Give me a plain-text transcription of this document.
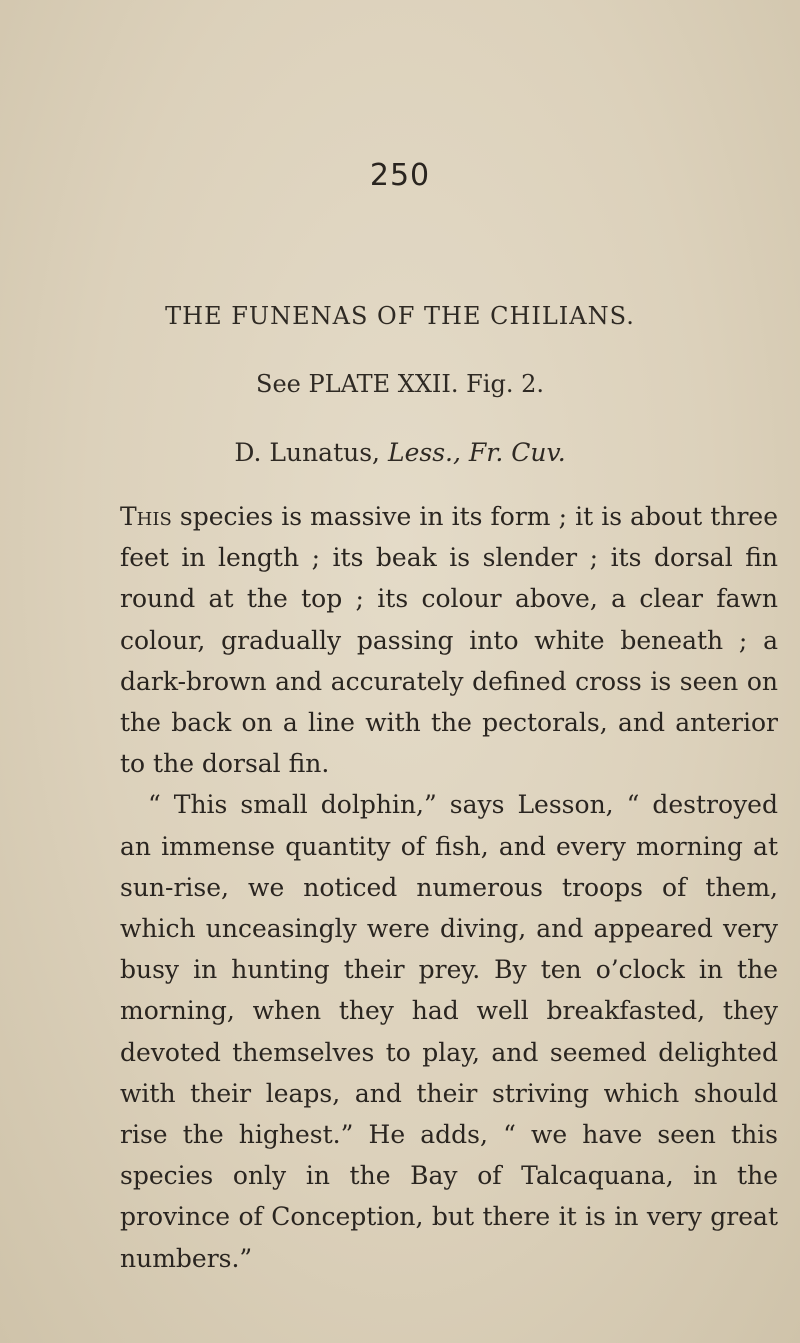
250
THE FUNENAS OF THE CHILIANS.
See PLATE XXII. Fig. 2.
D. Lunatus, Less., Fr. Cuv.

This species is massive in its form ; it is about three feet in length ; its beak is slender ; its dorsal fin round at the top ; its colour above, a clear fawn colour, gradually passing into white beneath ; a dark-brown and accurately defined cross is seen on the back on a line with the pectorals, and anterior to the dorsal fin.

“ This small dolphin,” says Lesson, “ destroyed an immense quantity of fish, and every morning at sun-rise, we noticed numerous troops of them, which unceasingly were diving, and appeared very busy in hunting their prey. By ten o’clock in the morning, when they had well breakfasted, they devoted themselves to play, and seemed delighted with their leaps, and their striving which should rise the highest.” He adds, “ we have seen this species only in the Bay of Talcaquana, in the province of Conception, but there it is in very great numbers.”
